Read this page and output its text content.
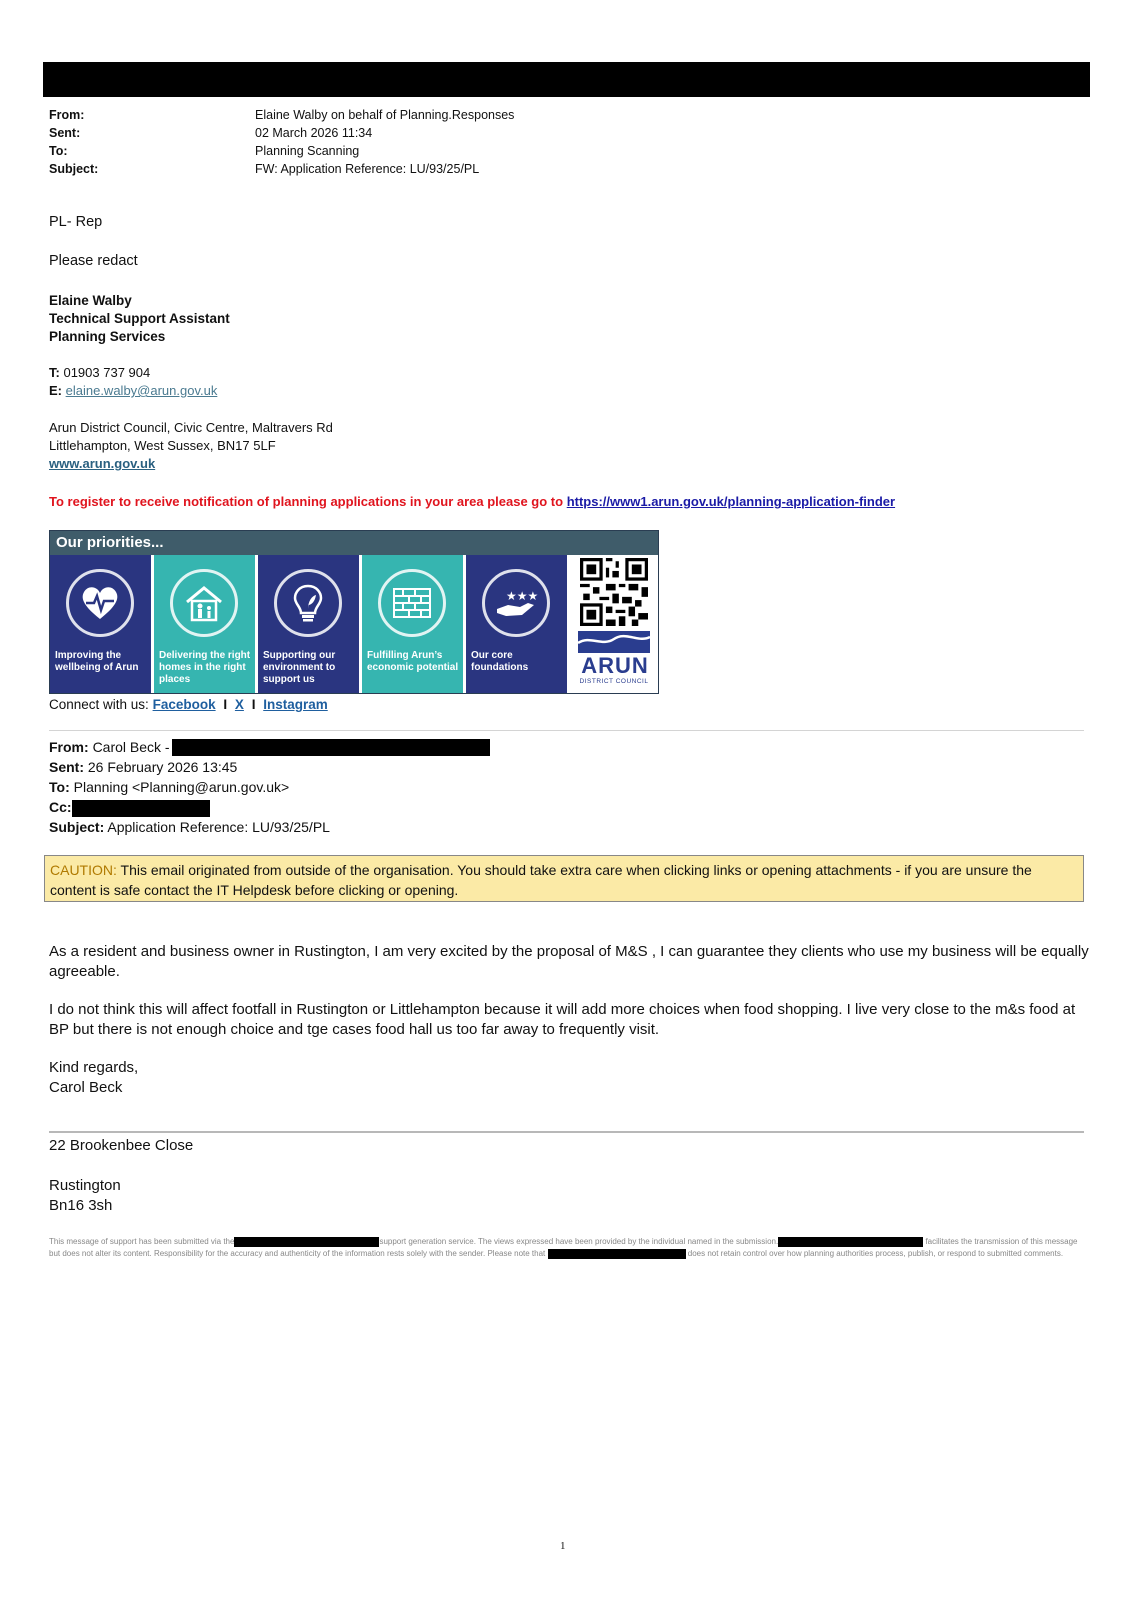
From:	Elaine Walby on behalf of Planning.Responses
Sent:	02 March 2026 11:34
To:	Planning Scanning
Subject:	FW: Application Reference: LU/93/25/PL
PL- Rep
Please redact
Elaine Walby
Technical Support Assistant
Planning Services
T: 01903 737 904
E: elaine.walby@arun.gov.uk
Arun District Council, Civic Centre, Maltravers Rd
Littlehampton, West Sussex, BN17 5LF
www.arun.gov.uk
To register to receive notification of planning applications in your area please go to https://www1.arun.gov.uk/planning-application-finder
Our priorities...
Improving the wellbeing of Arun
Delivering the right homes in the right places
Supporting our environment to support us
Fulfilling Arun’s economic potential
★★★
Our core foundations	ARUN
DISTRICT COUNCIL
Connect with us: Facebook I X I Instagram
From: Carol Beck -
Sent: 26 February 2026 13:45
To: Planning <Planning@arun.gov.uk>
Cc:
Subject: Application Reference: LU/93/25/PL
CAUTION: This email originated from outside of the organisation. You should take extra care when clicking links or opening attachments - if you are unsure the content is safe contact the IT Helpdesk before clicking or opening.
As a resident and business owner in Rustington, I am very excited by the proposal of M&S , I can guarantee they clients who use my business will be equally agreeable.
I do not think this will affect footfall in Rustington or Littlehampton because it will add more choices when food shopping. I live very close to the m&s food at BP but there is not enough choice and tge cases food hall us too far away to frequently visit.
Kind regards,
Carol Beck
22 Brookenbee Close
Rustington
Bn16 3sh
This message of support has been submitted via the	support generation service. The views expressed have been provided by the individual named in the submission.	facilitates the transmission of this message but does not alter its content. Responsibility for the accuracy and authenticity of the information rests solely with the sender. Please note that	does not retain control over how planning authorities process, publish, or respond to submitted comments.
1
